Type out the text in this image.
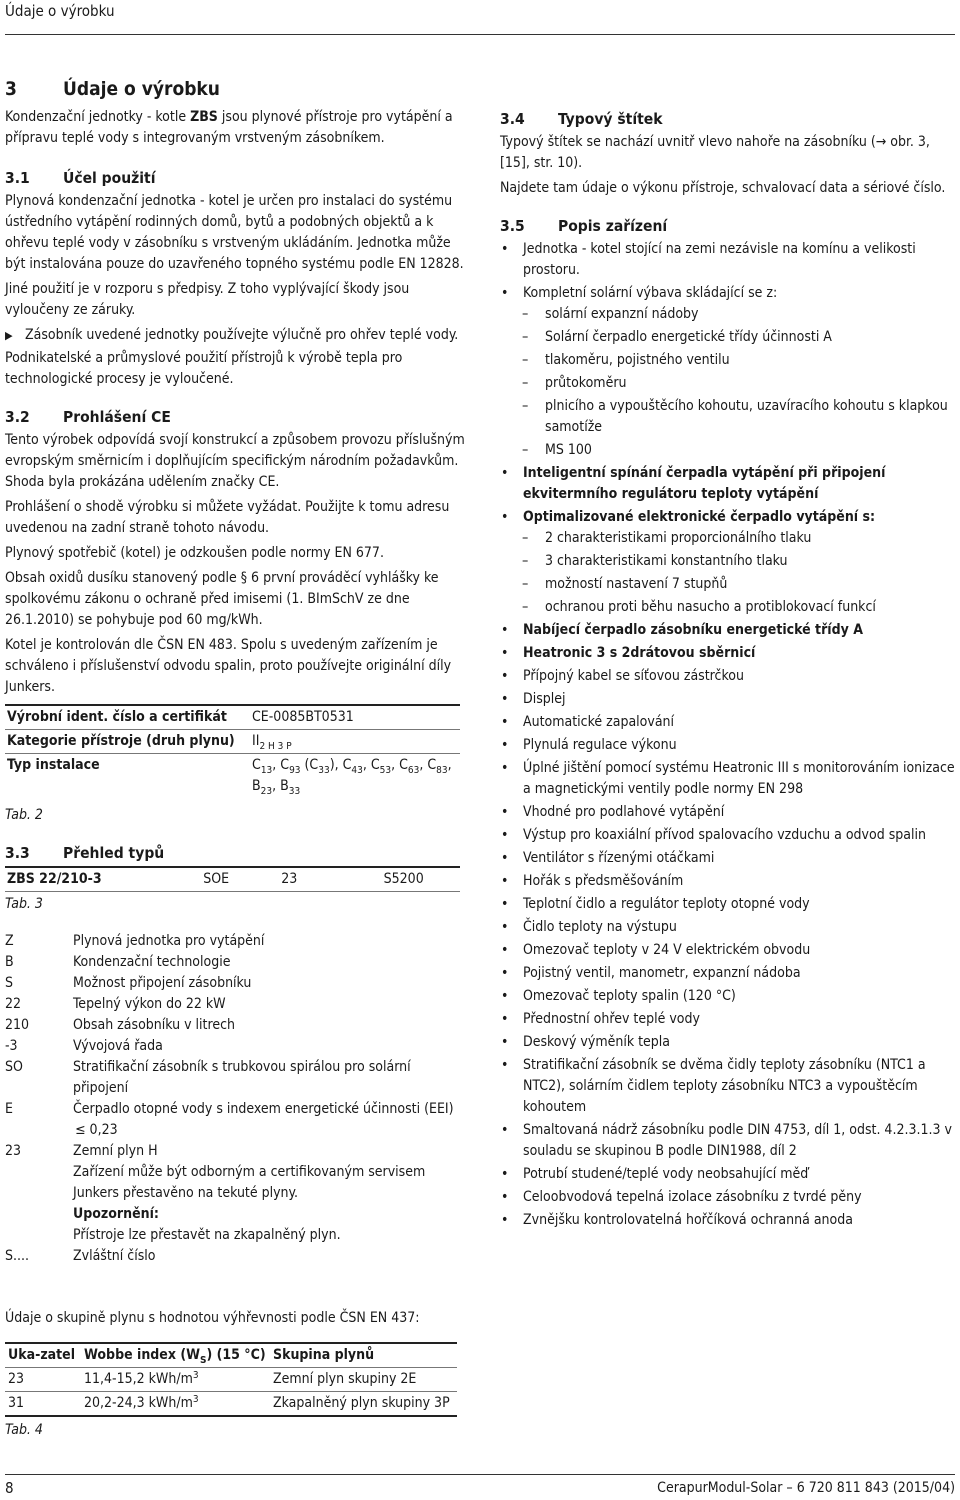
Údaje o výrobku
3	Údaje o výrobku

Kondenzační jednotky - kotle ZBS jsou plynové přístroje pro vytápění a přípravu teplé vody s integrovaným vrstveným zásobníkem.

3.1	Účel použití

Plynová kondenzační jednotka - kotel je určen pro instalaci do systému ústředního vytápění rodinných domů, bytů a podobných objektů a k ohřevu teplé vody v zásobníku s vrstveným ukládáním. Jednotka může být instalována pouze do uzavřeného topného systému podle EN 12828.

Jiné použití je v rozporu s předpisy. Z toho vyplývající škody jsou vyloučeny ze záruky.

▶ Zásobník uvedené jednotky používejte výlučně pro ohřev teplé vody.

Podnikatelské a průmyslové použití přístrojů k výrobě tepla pro technologické procesy je vyloučené.

3.2	Prohlášení CE

Tento výrobek odpovídá svojí konstrukcí a způsobem provozu příslušným evropským směrnicím i doplňujícím specifickým národním požadavkům. Shoda byla prokázána udělením značky CE.

Prohlášení o shodě výrobku si můžete vyžádat. Použijte k tomu adresu uvedenou na zadní straně tohoto návodu.

Plynový spotřebič (kotel) je odzkoušen podle normy EN 677.

Obsah oxidů dusíku stanovený podle § 6 první prováděcí vyhlášky ke spolkovému zákonu o ochraně před imisemi (1. BImSchV ze dne 26.1.2010) se pohybuje pod 60 mg/kWh.

Kotel je kontrolován dle ČSN EN 483. Spolu s uvedeným zařízením je schváleno i příslušenství odvodu spalin, proto používejte originální díly Junkers.

Výrobní ident. číslo a certifikát	CE-0085BT0531
Kategorie přístroje (druh plynu)	$II_{2 H 3 P}$
Typ instalace	$C_{13}$, $C_{93}$ $(C_{33})$, $C_{43}$, $C_{53}$, $C_{63}$, $C_{83}$, $B_{23}$, $B_{33}$
Tab. 2
3.3	Přehled typů
ZBS 22/210-3	SOE	23	S5200
Tab. 3
Z	Plynová jednotka pro vytápění
B	Kondenzační technologie
S	Možnost připojení zásobníku
22	Tepelný výkon do 22 kW
210	Obsah zásobníku v litrech
-3	Vývojová řada
SO	Stratifikační zásobník s trubkovou spirálou pro solární připojení
E	Čerpadlo otopné vody s indexem energetické účinnosti (EEI)
≤ 0,23
23	Zemní plyn H
Zařízení může být odborným a certifikovaným servisem Junkers přestavěno na tekuté plyny.
Upozornění:
Přístroje lze přestavět na zkapalněný plyn.
S....	Zvláštní číslo
Údaje o skupině plynu s hodnotou výhřevnosti podle ČSN EN 437:
Uka-zatel	Wobbe index $(W_S)$ (15 °C)	Skupina plynů
23	11,4-15,2 kWh/$m^3$	Zemní plyn skupiny 2E
31	20,2-24,3 kWh/$m^3$	Zkapalněný plyn skupiny 3P
Tab. 4
3.4	Typový štítek

Typový štítek se nachází uvnitř vlevo nahoře na zásobníku (→ obr. 3, [15], str. 10).

Najdete tam údaje o výkonu přístroje, schvalovací data a sériové číslo.

3.5	Popis zařízení
• Jednotka - kotel stojící na zemi nezávisle na komínu a velikosti prostoru.
• Kompletní solární výbava skládající se z:
– solární expanzní nádoby
– Solární čerpadlo energetické třídy účinnosti A
– tlakoměru, pojistného ventilu
– průtokoměru
– plnicího a vypouštěcího kohoutu, uzavíracího kohoutu s klapkou samotíže
– MS 100
• Inteligentní spínání čerpadla vytápění při připojení ekvitermního regulátoru teploty vytápění
• Optimalizované elektronické čerpadlo vytápění s:
– 2 charakteristikami proporcionálního tlaku
– 3 charakteristikami konstantního tlaku
– možností nastavení 7 stupňů
– ochranou proti běhu nasucho a protiblokovací funkcí
• Nabíjecí čerpadlo zásobníku energetické třídy A
• Heatronic 3 s 2drátovou sběrnicí
• Přípojný kabel se síťovou zástrčkou
• Displej
• Automatické zapalování
• Plynulá regulace výkonu
• Úplné jištění pomocí systému Heatronic III s monitorováním ionizace a magnetickými ventily podle normy EN 298
• Vhodné pro podlahové vytápění
• Výstup pro koaxiální přívod spalovacího vzduchu a odvod spalin
• Ventilátor s řízenými otáčkami
• Hořák s předsměšováním
• Teplotní čidlo a regulátor teploty otopné vody
• Čidlo teploty na výstupu
• Omezovač teploty v 24 V elektrickém obvodu
• Pojistný ventil, manometr, expanzní nádoba
• Omezovač teploty spalin (120 °C)
• Přednostní ohřev teplé vody
• Deskový výměník tepla
• Stratifikační zásobník se dvěma čidly teploty zásobníku (NTC1 a NTC2), solárním čidlem teploty zásobníku NTC3 a vypouštěcím kohoutem
• Smaltovaná nádrž zásobníku podle DIN 4753, díl 1, odst. 4.2.3.1.3 v souladu se skupinou B podle DIN1988, díl 2
• Potrubí studené/teplé vody neobsahující měď
• Celoobvodová tepelná izolace zásobníku z tvrdé pěny
• Zvnějšku kontrolovatelná hořčíková ochranná anoda
8	CerapurModul-Solar – 6 720 811 843 (2015/04)
